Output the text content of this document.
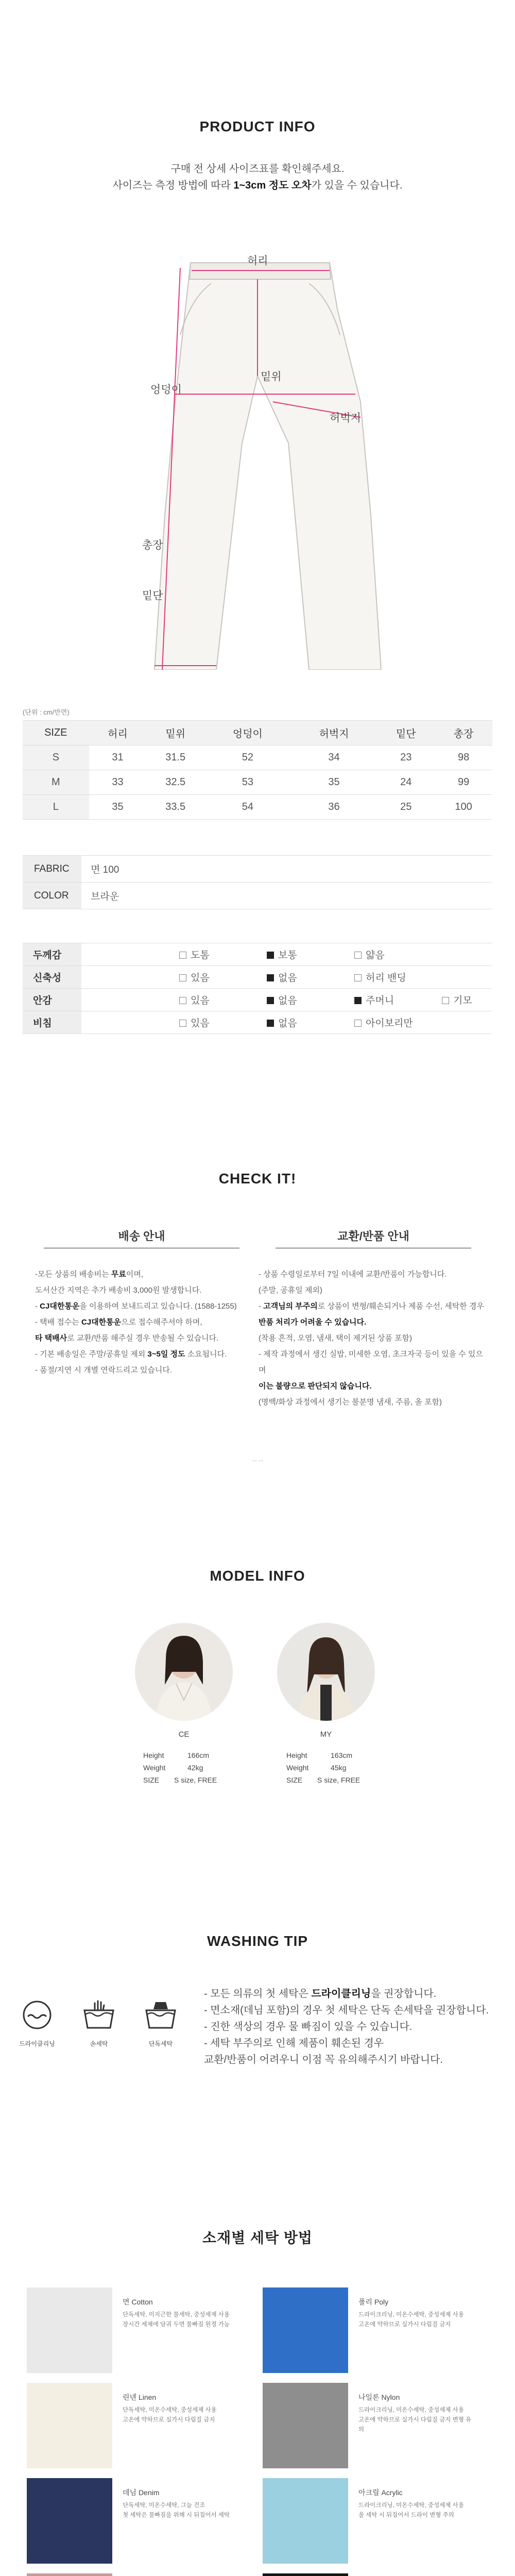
PRODUCT INFO
구매 전 상세 사이즈표를 확인해주세요.
사이즈는 측정 방법에 따라 1~3cm 정도 오차가 있을 수 있습니다.
허리
엉덩이
밑위
허벅지
총장
밑단
(단위 : cm/반면)
SIZE	허리	밑위	엉덩이	허벅지	밑단	총장
S	31	31.5	52	34	23	98
M	33	32.5	53	35	24	99
L	35	33.5	54	36	25	100
FABRIC	면 100
COLOR	브라운
두께감	도톰 보통 얇음
신축성	있음 없음 허리 밴딩
안감	있음 없음 주머니 기모
비침	있음 없음 아이보리만
CHECK IT!
배송 안내
-모든 상품의 배송비는 무료이며,
도서산간 지역은 추가 배송비 3,000원 발생합니다.
- CJ대한통운을 이용하여 보내드리고 있습니다. (1588-1255)
- 택배 접수는 CJ대한통운으로 접수해주셔야 하며,
타 택배사로 교환/반품 해주실 경우 반송될 수 있습니다.
- 기본 배송일은 주말/공휴일 제외 3~5일 정도 소요됩니다.
- 품절/지연 시 개별 연락드리고 있습니다.
교환/반품 안내
- 상품 수령일로부터 7일 이내에 교환/반품이 가능합니다.
(주말, 공휴일 제외)
- 고객님의 부주의로 상품이 변형/훼손되거나 제품 수선, 세탁한 경우
반품 처리가 어려울 수 있습니다.
(착용 흔적, 오염, 냄새, 택이 제거된 상품 포함)
- 제작 과정에서 생긴 실밥, 미세한 오염, 초크자국 등이 있을 수 있으며
이는 불량으로 판단되지 않습니다.
(명백/화상 과정에서 생기는 불분명 냄새, 주름, 올 포함)
ㅡ ㅡ
MODEL INFO
CE	MY
Height	166cm
Weight	42kg
SIZE S size, FREE
Height	163cm
Weight	45kg
SIZE S size, FREE
WASHING TIP
드라이클리닝	손세탁	단독세탁
- 모든 의류의 첫 세탁은 드라이클리닝을 권장합니다.
- 면소재(데님 포함)의 경우 첫 세탁은 단독 손세탁을 권장합니다.
- 진한 색상의 경우 물 빠짐이 있을 수 있습니다.
- 세탁 부주의로 인해 제품이 훼손된 경우
교환/반품이 어려우니 이점 꼭 유의해주시기 바랍니다.
소재별 세탁 방법
면 Cotton
단독세탁, 미지근한 물세탁, 중성세제 사용
장시간 세제에 담궈 두면 물빠짐 원정 가능
폴리 Poly
드라이크리닝, 미온수세탁, 중성세제 사용
고온에 약하므로 실가시 다림질 금지
린넨 Linen
단독세탁, 미온수세탁, 중성세제 사용
고온에 약하므로 실가시 다림질 금지
나일론 Nylon
드라이크리닝, 미온수세탁, 중성세제 사용
고온에 약하므로 실가시 다림질 금지 변형 유의
데님 Denim
단독세탁, 미온수세탁, 그늘 건조
첫 세탁은 물빠짐을 위해 시 뒤집어서 세탁
아크릴 Acrylic
드라이크리닝, 미온수세탁, 중성세제 사용
울 세탁 시 뒤집어서 드라이 변형 주의
